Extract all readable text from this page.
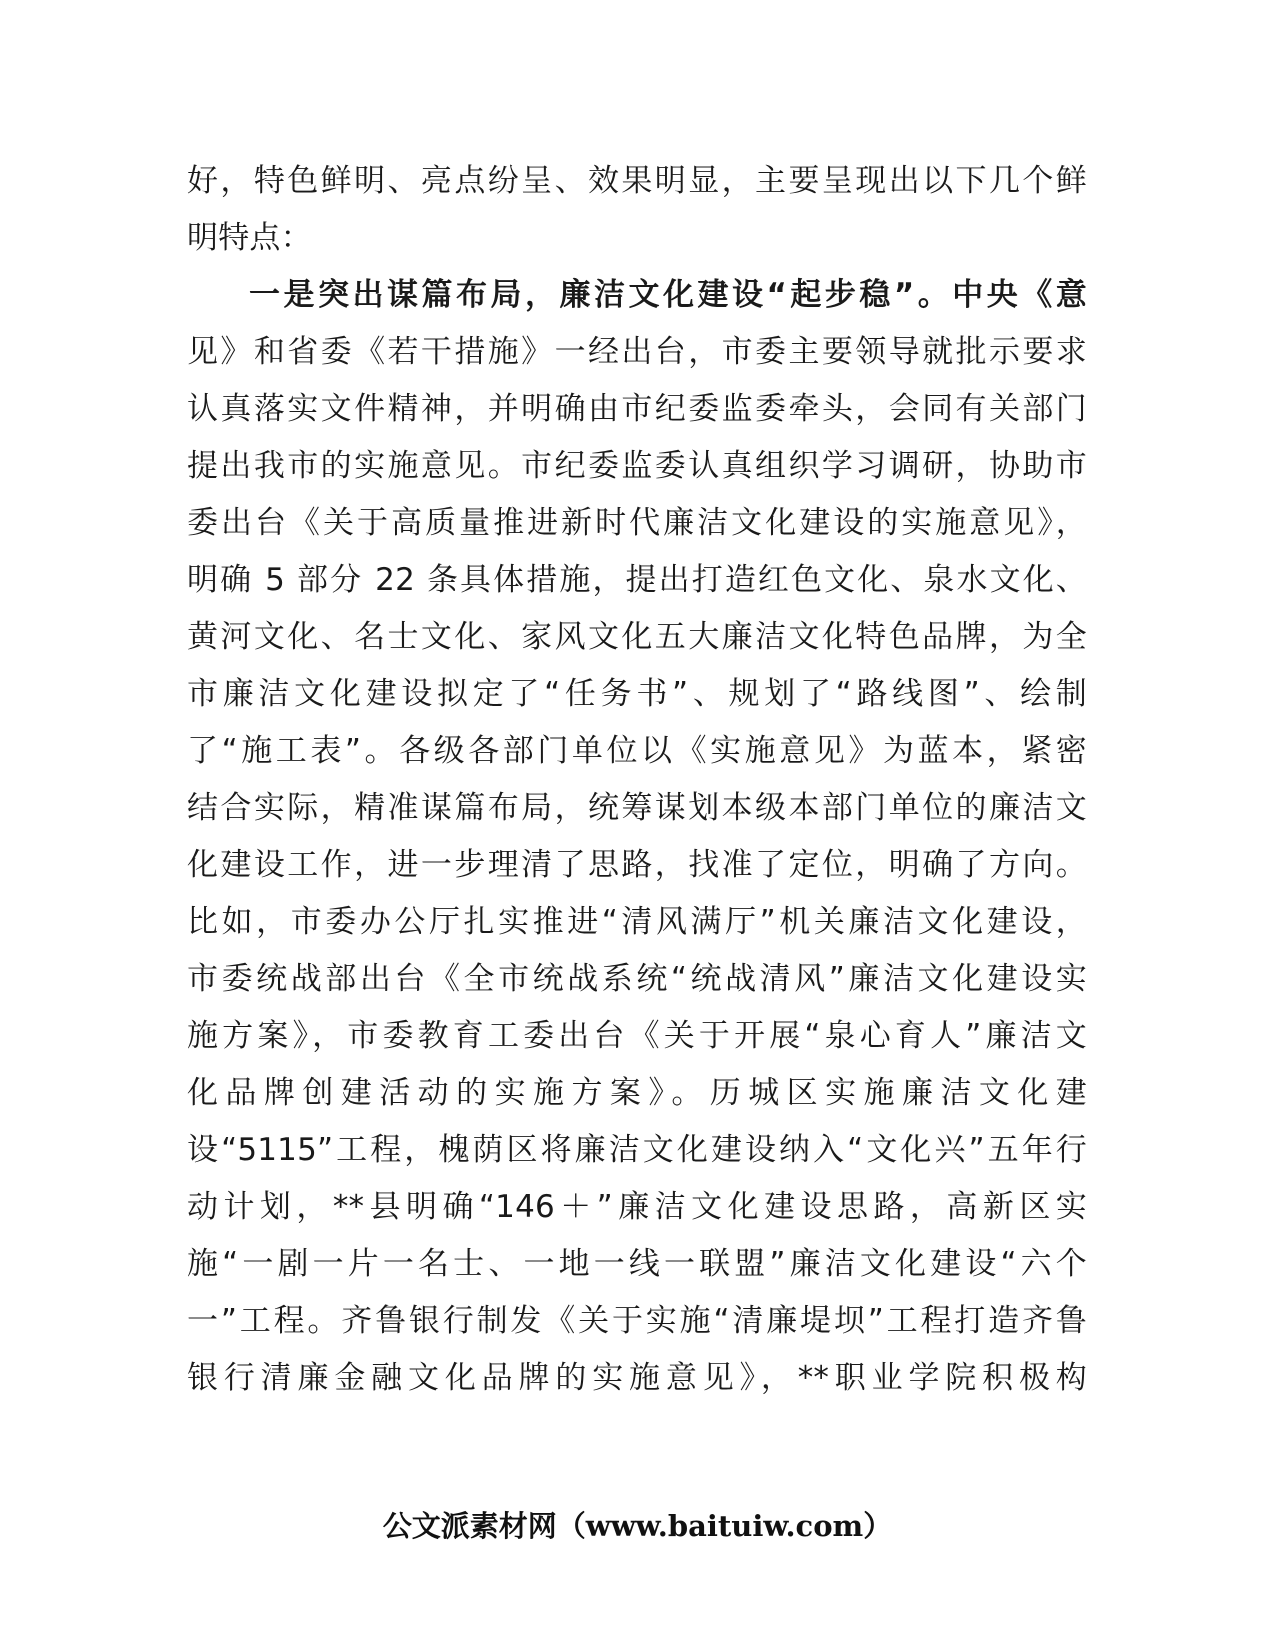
好，特色鲜明、亮点纷呈、效果明显，主要呈现出以下几个鲜
明特点：
一是突出谋篇布局，廉洁文化建设“起步稳”。中央《意
见》和省委《若干措施》一经出台，市委主要领导就批示要求
认真落实文件精神，并明确由市纪委监委牵头，会同有关部门
提出我市的实施意见。市纪委监委认真组织学习调研，协助市
委出台《关于高质量推进新时代廉洁文化建设的实施意见》，
明确 5 部分 22 条具体措施，提出打造红色文化、泉水文化、
黄河文化、名士文化、家风文化五大廉洁文化特色品牌，为全
市廉洁文化建设拟定了“任务书”、规划了“路线图”、绘制
了“施工表”。各级各部门单位以《实施意见》为蓝本，紧密
结合实际，精准谋篇布局，统筹谋划本级本部门单位的廉洁文
化建设工作，进一步理清了思路，找准了定位，明确了方向。
比如，市委办公厅扎实推进“清风满厅”机关廉洁文化建设，
市委统战部出台《全市统战系统“统战清风”廉洁文化建设实
施方案》，市委教育工委出台《关于开展“泉心育人”廉洁文
化品牌创建活动的实施方案》。历城区实施廉洁文化建
设“5115”工程，槐荫区将廉洁文化建设纳入“文化兴”五年行
动计划，**县明确“146＋”廉洁文化建设思路，高新区实
施“一剧一片一名士、一地一线一联盟”廉洁文化建设“六个
一”工程。齐鲁银行制发《关于实施“清廉堤坝”工程打造齐鲁
银行清廉金融文化品牌的实施意见》，**职业学院积极构
公文派素材网（www.baituiw.com）
